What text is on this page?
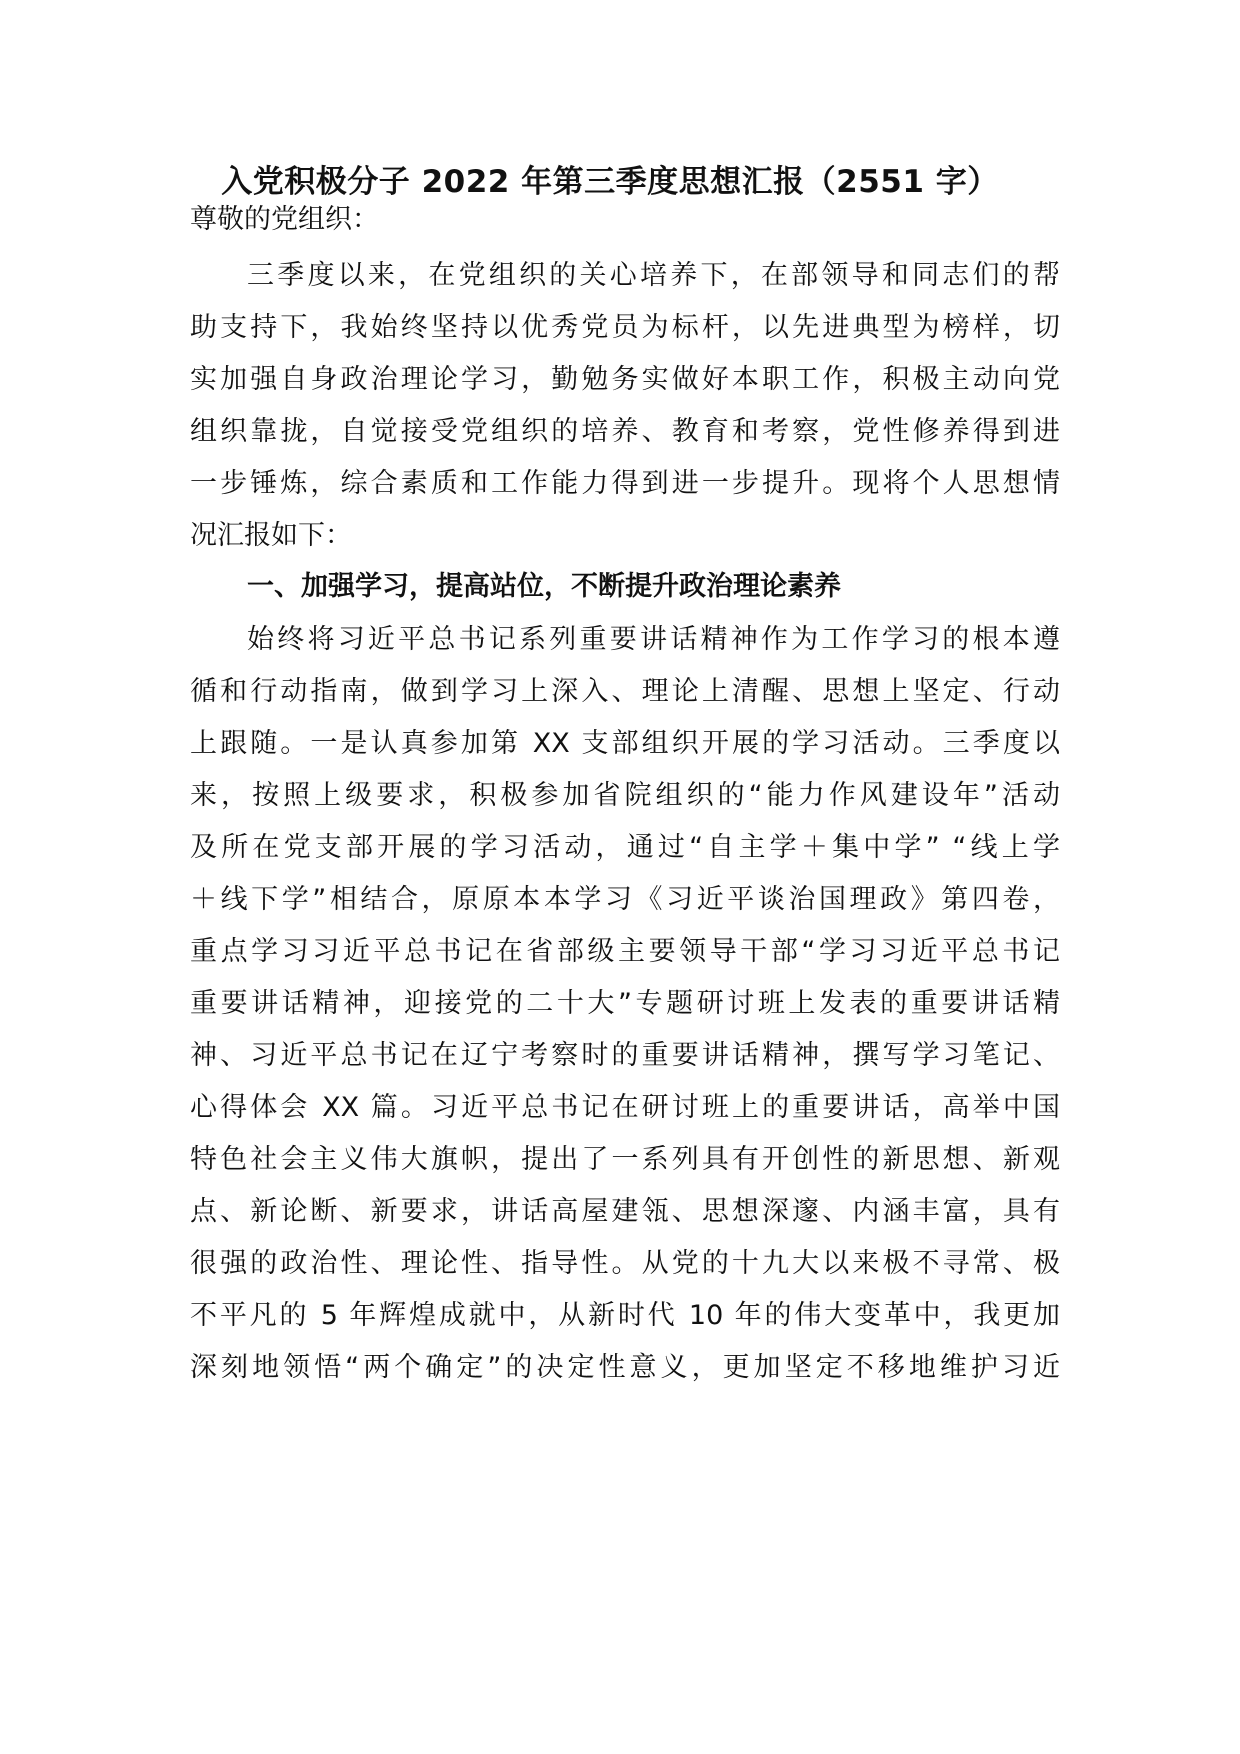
入党积极分子 2022 年第三季度思想汇报（2551 字）
尊敬的党组织：
三季度以来，在党组织的关心培养下，在部领导和同志们的帮
助支持下，我始终坚持以优秀党员为标杆，以先进典型为榜样，切
实加强自身政治理论学习，勤勉务实做好本职工作，积极主动向党
组织靠拢，自觉接受党组织的培养、教育和考察，党性修养得到进
一步锤炼，综合素质和工作能力得到进一步提升。现将个人思想情
况汇报如下：
一、加强学习，提高站位，不断提升政治理论素养
始终将习近平总书记系列重要讲话精神作为工作学习的根本遵
循和行动指南，做到学习上深入、理论上清醒、思想上坚定、行动
上跟随。一是认真参加第 XX 支部组织开展的学习活动。三季度以
来，按照上级要求，积极参加省院组织的“能力作风建设年”活动
及所在党支部开展的学习活动，通过“自主学＋集中学” “线上学
＋线下学”相结合，原原本本学习《习近平谈治国理政》第四卷，
重点学习习近平总书记在省部级主要领导干部“学习习近平总书记
重要讲话精神，迎接党的二十大”专题研讨班上发表的重要讲话精
神、习近平总书记在辽宁考察时的重要讲话精神，撰写学习笔记、
心得体会 XX 篇。习近平总书记在研讨班上的重要讲话，高举中国
特色社会主义伟大旗帜，提出了一系列具有开创性的新思想、新观
点、新论断、新要求，讲话高屋建瓴、思想深邃、内涵丰富，具有
很强的政治性、理论性、指导性。从党的十九大以来极不寻常、极
不平凡的 5 年辉煌成就中，从新时代 10 年的伟大变革中，我更加
深刻地领悟“两个确定”的决定性意义，更加坚定不移地维护习近
